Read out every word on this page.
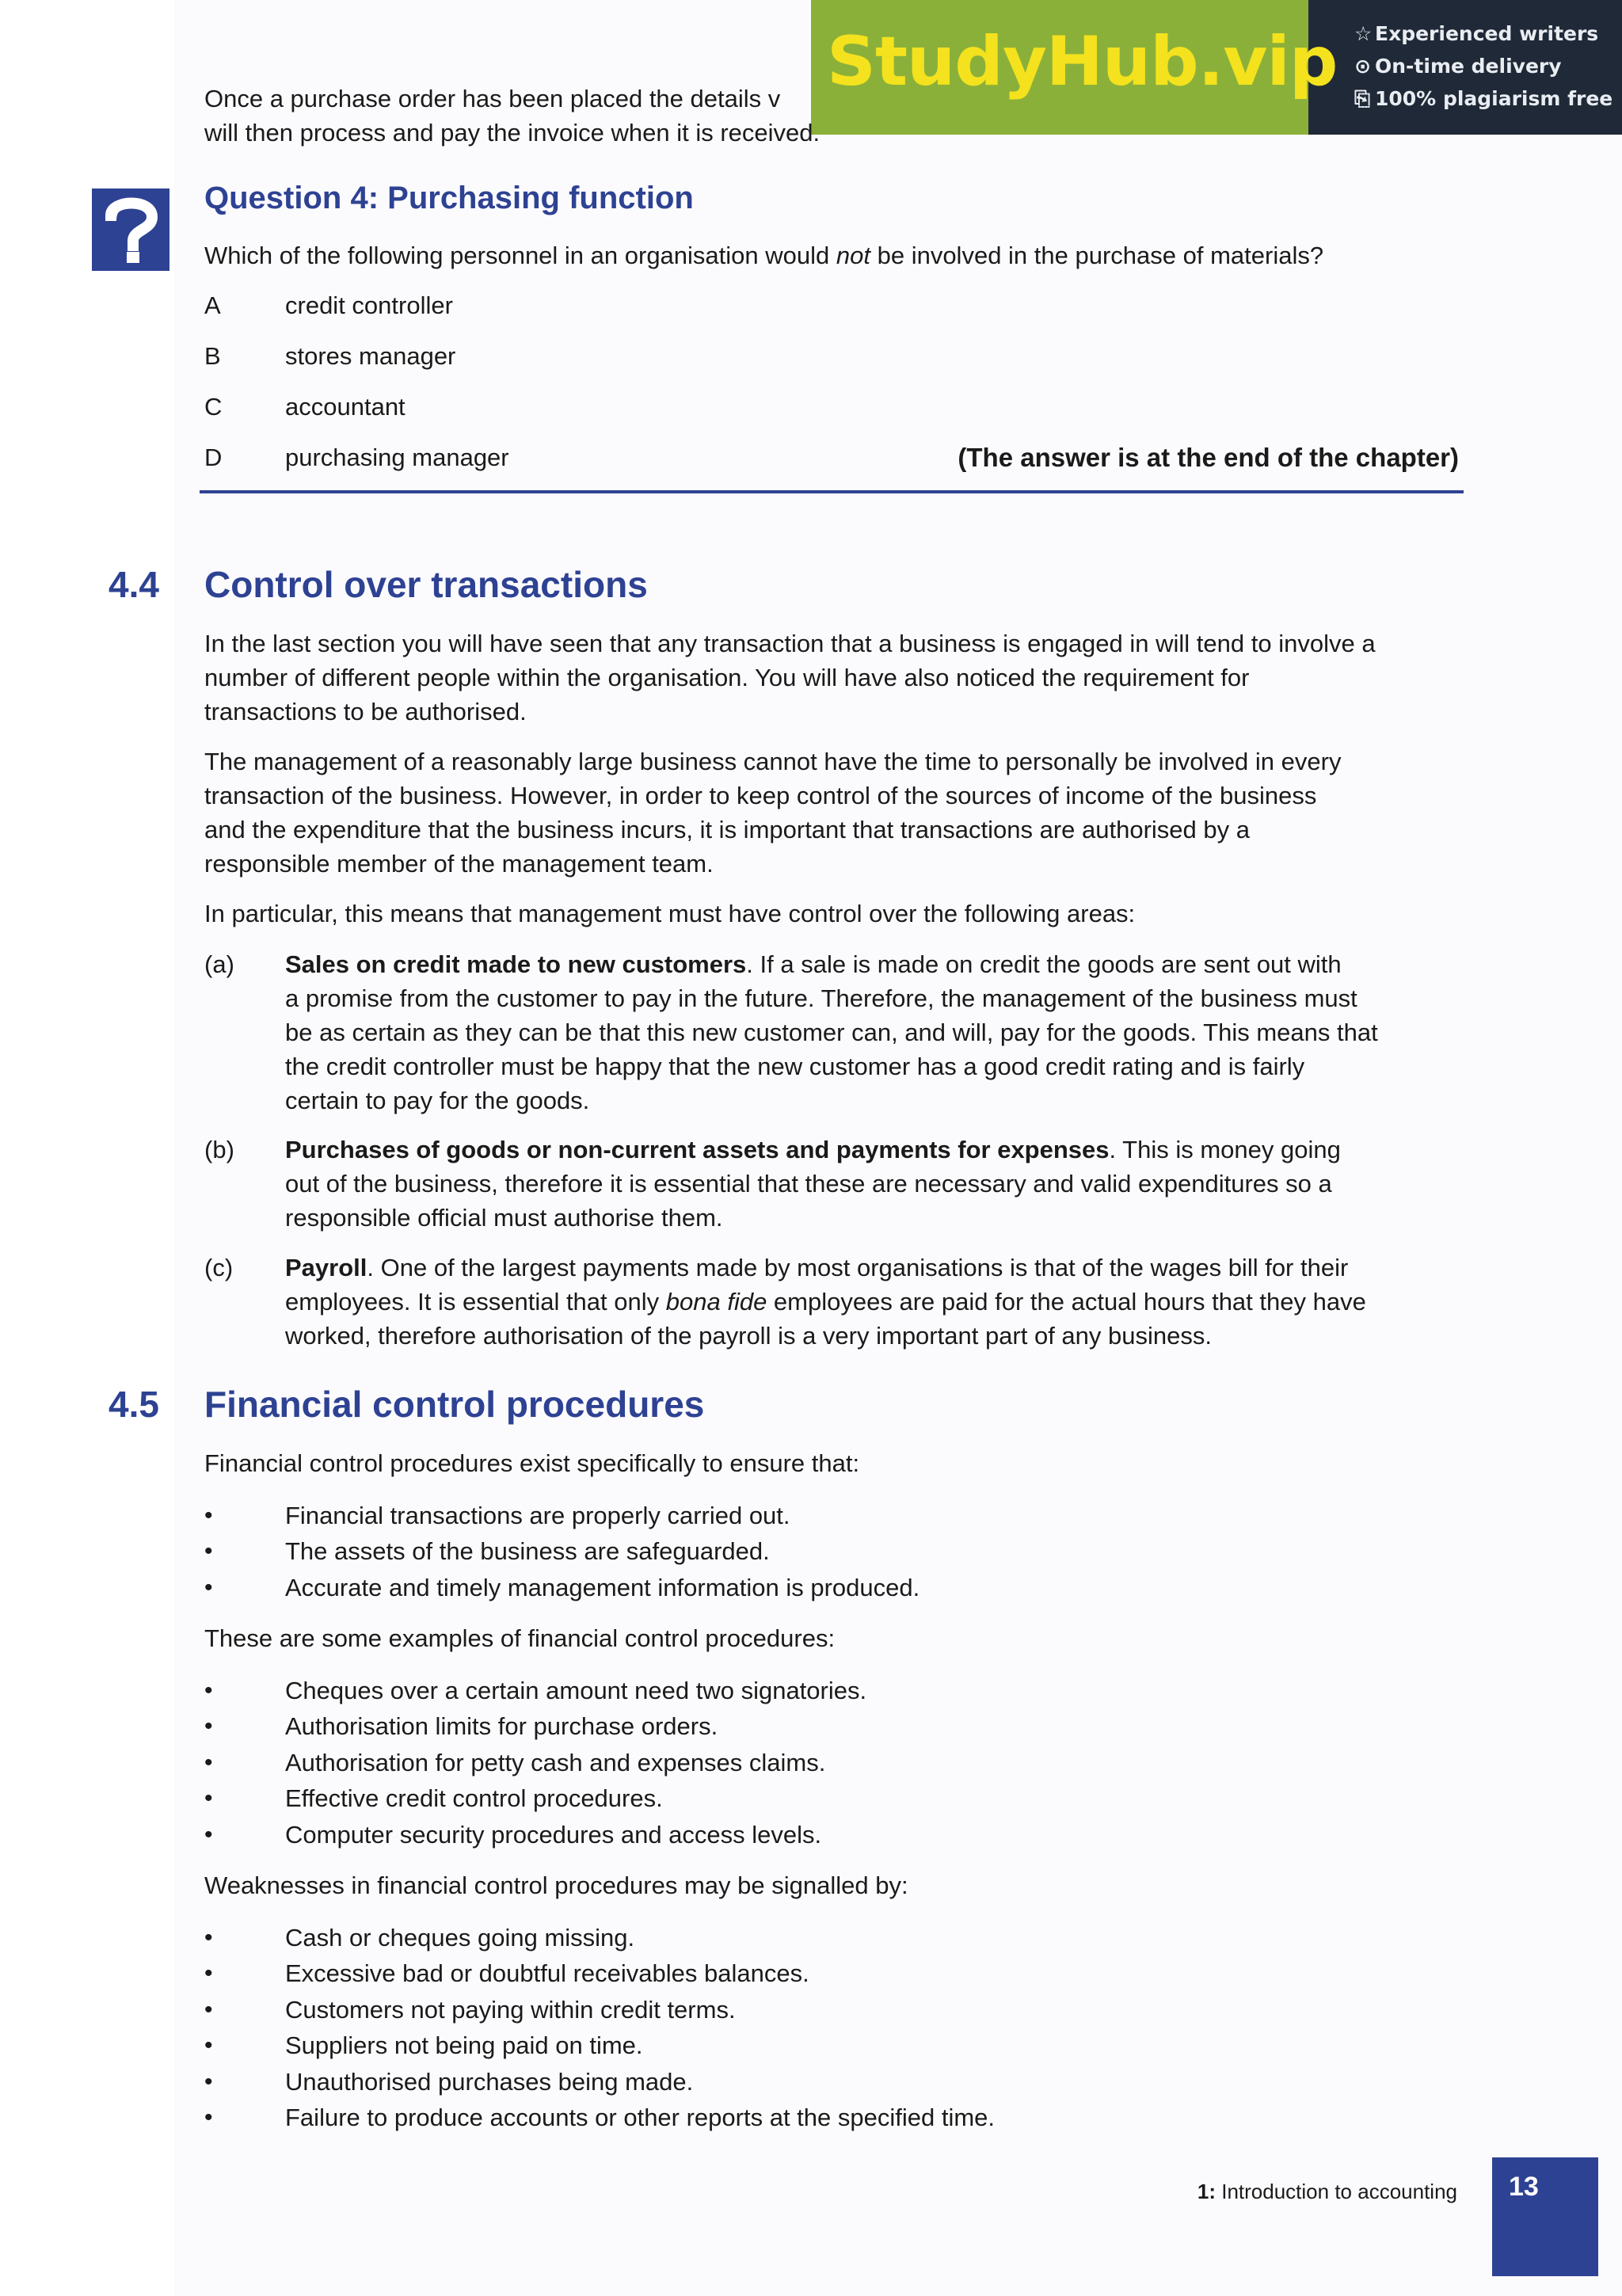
StudyHub.vip ☆ Experienced writers
⊙ On-time delivery
⎘ 100% plagiarism free
Once a purchase order has been placed the details v
will then process and pay the invoice when it is received.
Question 4: Purchasing function
Which of the following personnel in an organisation would not be involved in the purchase of materials?
A	credit controller
B	stores manager
C	accountant
D	purchasing manager	(The answer is at the end of the chapter)
4.4 Control over transactions
In the last section you will have seen that any transaction that a business is engaged in will tend to involve a
number of different people within the organisation. You will have also noticed the requirement for
transactions to be authorised.
The management of a reasonably large business cannot have the time to personally be involved in every
transaction of the business. However, in order to keep control of the sources of income of the business
and the expenditure that the business incurs, it is important that transactions are authorised by a
responsible member of the management team.
In particular, this means that management must have control over the following areas:
(a) Sales on credit made to new customers. If a sale is made on credit the goods are sent out with
a promise from the customer to pay in the future. Therefore, the management of the business must
be as certain as they can be that this new customer can, and will, pay for the goods. This means that
the credit controller must be happy that the new customer has a good credit rating and is fairly
certain to pay for the goods.
(b) Purchases of goods or non-current assets and payments for expenses. This is money going
out of the business, therefore it is essential that these are necessary and valid expenditures so a
responsible official must authorise them.
(c) Payroll. One of the largest payments made by most organisations is that of the wages bill for their
employees. It is essential that only bona fide employees are paid for the actual hours that they have
worked, therefore authorisation of the payroll is a very important part of any business.
4.5 Financial control procedures
Financial control procedures exist specifically to ensure that:
Financial transactions are properly carried out.
The assets of the business are safeguarded.
Accurate and timely management information is produced.
These are some examples of financial control procedures:
Cheques over a certain amount need two signatories.
Authorisation limits for purchase orders.
Authorisation for petty cash and expenses claims.
Effective credit control procedures.
Computer security procedures and access levels.
Weaknesses in financial control procedures may be signalled by:
Cash or cheques going missing.
Excessive bad or doubtful receivables balances.
Customers not paying within credit terms.
Suppliers not being paid on time.
Unauthorised purchases being made.
Failure to produce accounts or other reports at the specified time.
1: Introduction to accounting 13
